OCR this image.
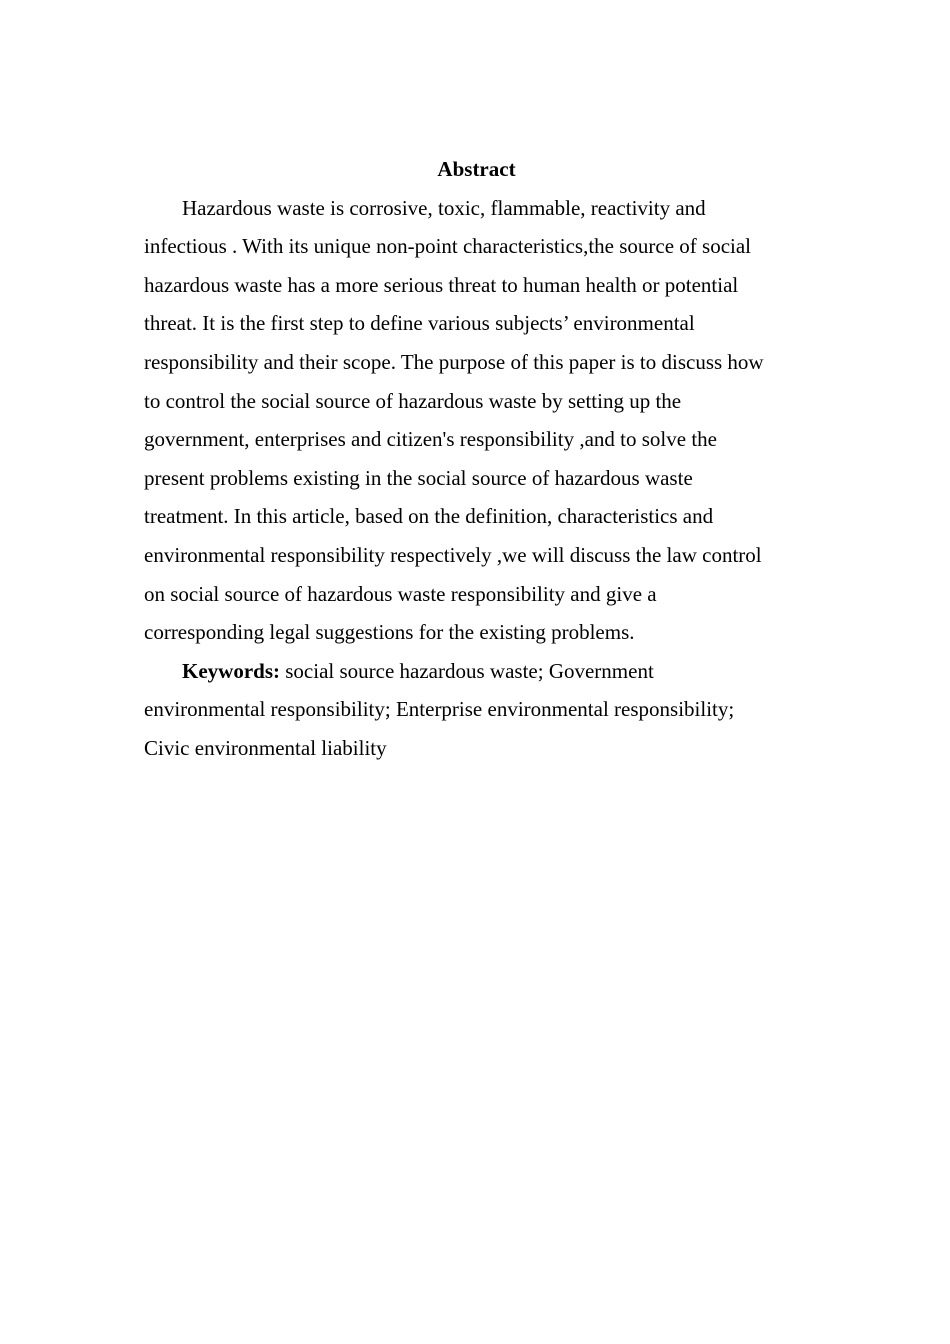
Abstract
Hazardous waste is corrosive, toxic, flammable, reactivity and
infectious . With its unique non-point characteristics,the source of social
hazardous waste has a more serious threat to human health or potential
threat. It is the first step to define various subjects’ environmental
responsibility and their scope. The purpose of this paper is to discuss how
to control the social source of hazardous waste by setting up the
government, enterprises and citizen's responsibility ,and to solve the
present problems existing in the social source of hazardous waste
treatment. In this article, based on the definition, characteristics and
environmental responsibility respectively ,we will discuss the law control
on social source of hazardous waste responsibility and give a
corresponding legal suggestions for the existing problems.
Keywords: social source hazardous waste; Government
environmental responsibility; Enterprise environmental responsibility;
Civic environmental liability
